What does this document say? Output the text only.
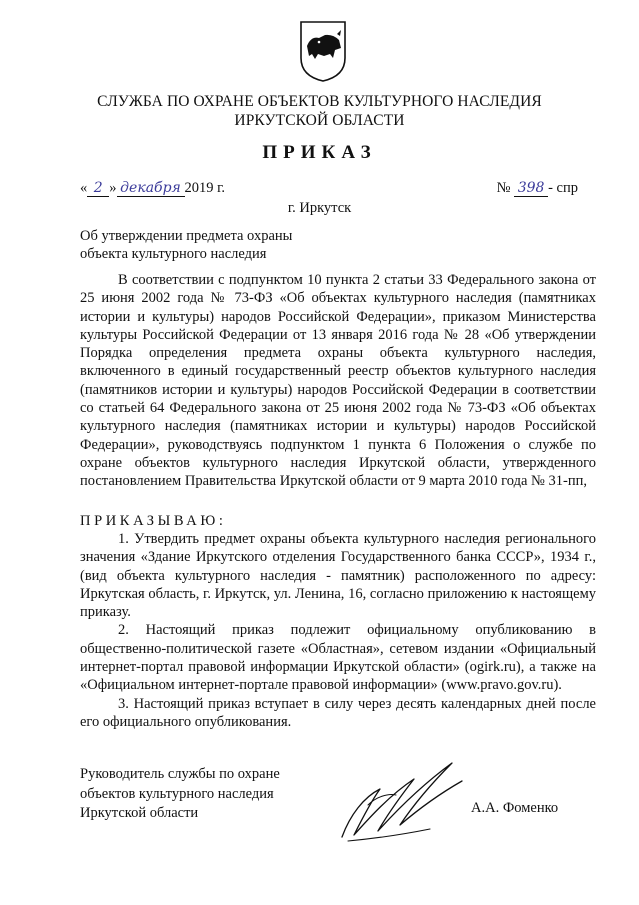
СЛУЖБА ПО ОХРАНЕ ОБЪЕКТОВ КУЛЬТУРНОГО НАСЛЕДИЯ
ИРКУТСКОЙ ОБЛАСТИ
ПРИКАЗ
« 2 » декабря 2019 г.	№ 398 - спр
г. Иркутск
Об утверждении предмета охраны
объекта культурного наследия
В соответствии с подпунктом 10 пункта 2 статьи 33 Федерального закона от 25 июня 2002 года № 73-ФЗ «Об объектах культурного наследия (памятниках истории и культуры) народов Российской Федерации», приказом Министерства культуры Российской Федерации от 13 января 2016 года № 28 «Об утверждении Порядка определения предмета охраны объекта культурного наследия, включенного в единый государственный реестр объектов культурного наследия (памятников истории и культуры) народов Российской Федерации в соответствии со статьей 64 Федерального закона от 25 июня 2002 года № 73-ФЗ «Об объектах культурного наследия (памятниках истории и культуры) народов Российской Федерации», руководствуясь подпунктом 1 пункта 6 Положения о службе по охране объектов культурного наследия Иркутской области, утвержденного постановлением Правительства Иркутской области от 9 марта 2010 года № 31-пп,
ПРИКАЗЫВАЮ:

1. Утвердить предмет охраны объекта культурного наследия регионального значения «Здание Иркутского отделения Государственного банка СССР», 1934 г., (вид объекта культурного наследия - памятник) расположенного по адресу: Иркутская область, г. Иркутск, ул. Ленина, 16, согласно приложению к настоящему приказу.

2. Настоящий приказ подлежит официальному опубликованию в общественно-политической газете «Областная», сетевом издании «Официальный интернет-портал правовой информации Иркутской области» (ogirk.ru), а также на «Официальном интернет-портале правовой информации» (www.pravo.gov.ru).

3. Настоящий приказ вступает в силу через десять календарных дней после его официального опубликования.

Руководитель службы по охране
объектов культурного наследия
Иркутской области	А.А. Фоменко
